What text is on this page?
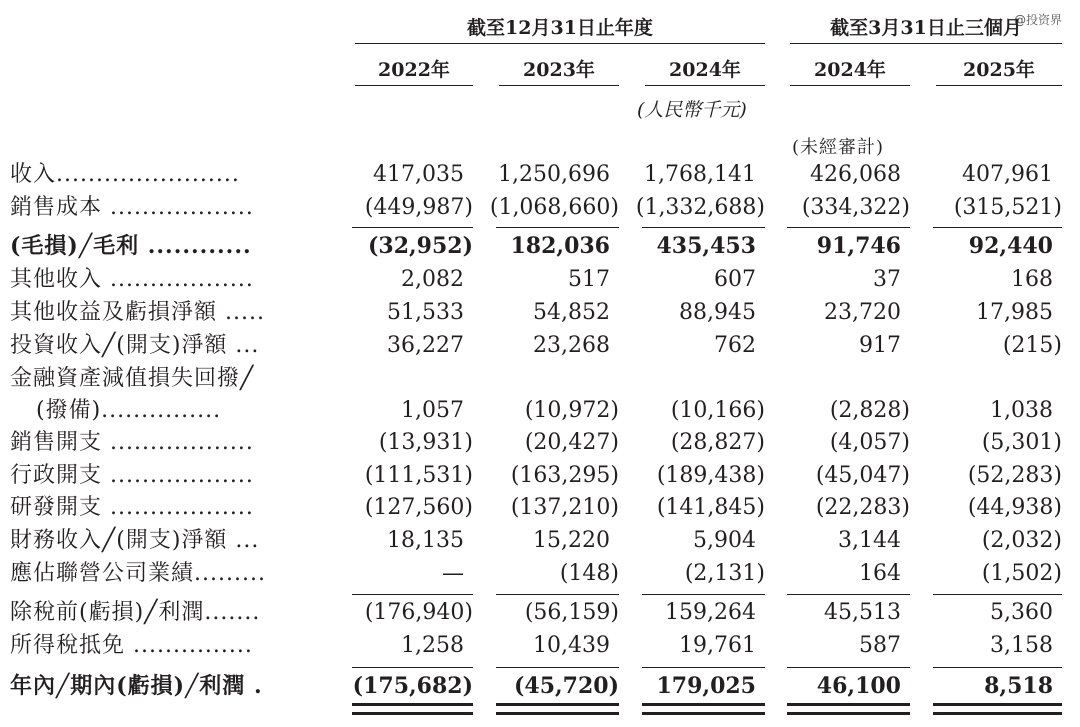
@投资界
截至12月31日止年度	截至3月31日止三個月
2022年	2023年	2024年	2024年	2025年
(人民幣千元)
(未經審計)
收入.......................	417,035	1,250,696	1,768,141	426,068	407,961
銷售成本 ..................	(449,987) (1,068,660) (1,332,688)	(334,322)	(315,521)
(毛損)╱毛利 ............	(32,952)	182,036	435,453	91,746	92,440
其他收入 ..................	2,082	517	607	37	168
其他收益及虧損淨額 .....	51,533	54,852	88,945	23,720	17,985
投資收入╱(開支)淨額 ...	36,227	23,268	762	917	(215)
金融資產減值損失回撥╱
(撥備)...............	1,057	(10,972)	(10,166)	(2,828)	1,038
銷售開支 ..................	(13,931)	(20,427)	(28,827)	(4,057)	(5,301)
行政開支 ..................	(111,531)	(163,295)	(189,438)	(45,047)	(52,283)
研發開支 ..................	(127,560)	(137,210)	(141,845)	(22,283)	(44,938)
財務收入╱(開支)淨額 ...	18,135	15,220	5,904	3,144	(2,032)
應佔聯營公司業績.........	—	(148)	(2,131)	164	(1,502)
除稅前(虧損)╱利潤.......	(176,940)	(56,159)	159,264	45,513	5,360
所得稅抵免 ...............	1,258	10,439	19,761	587	3,158
年內╱期內(虧損)╱利潤 .	(175,682)	(45,720)	179,025	46,100	8,518
